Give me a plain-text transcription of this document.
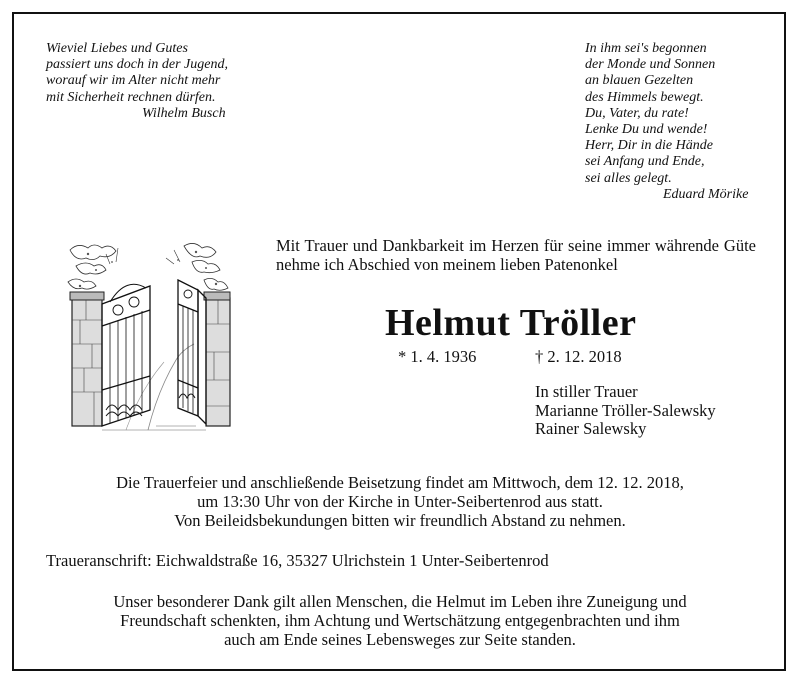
Wieviel Liebes und Gutes
passiert uns doch in der Jugend,
worauf wir im Alter nicht mehr
mit Sicherheit rechnen dürfen.
Wilhelm Busch
In ihm sei's begonnen
der Monde und Sonnen
an blauen Gezelten
des Himmels bewegt.
Du, Vater, du rate!
Lenke Du und wende!
Herr, Dir in die Hände
sei Anfang und Ende,
sei alles gelegt.
Eduard Mörike
Mit Trauer und Dankbarkeit im Herzen für seine immer währende Güte nehme ich Abschied von meinem lieben Patenonkel
Helmut Tröller
* 1. 4. 1936	† 2. 12. 2018
In stiller Trauer
Marianne Tröller-Salewsky
Rainer Salewsky
Die Trauerfeier und anschließende Beisetzung findet am Mittwoch, dem 12. 12. 2018,
um 13:30 Uhr von der Kirche in Unter-Seibertenrod aus statt.
Von Beileidsbekundungen bitten wir freundlich Abstand zu nehmen.
Traueranschrift: Eichwaldstraße 16, 35327 Ulrichstein 1 Unter-Seibertenrod
Unser besonderer Dank gilt allen Menschen, die Helmut im Leben ihre Zuneigung und
Freundschaft schenkten, ihm Achtung und Wertschätzung entgegenbrachten und ihm
auch am Ende seines Lebensweges zur Seite standen.
